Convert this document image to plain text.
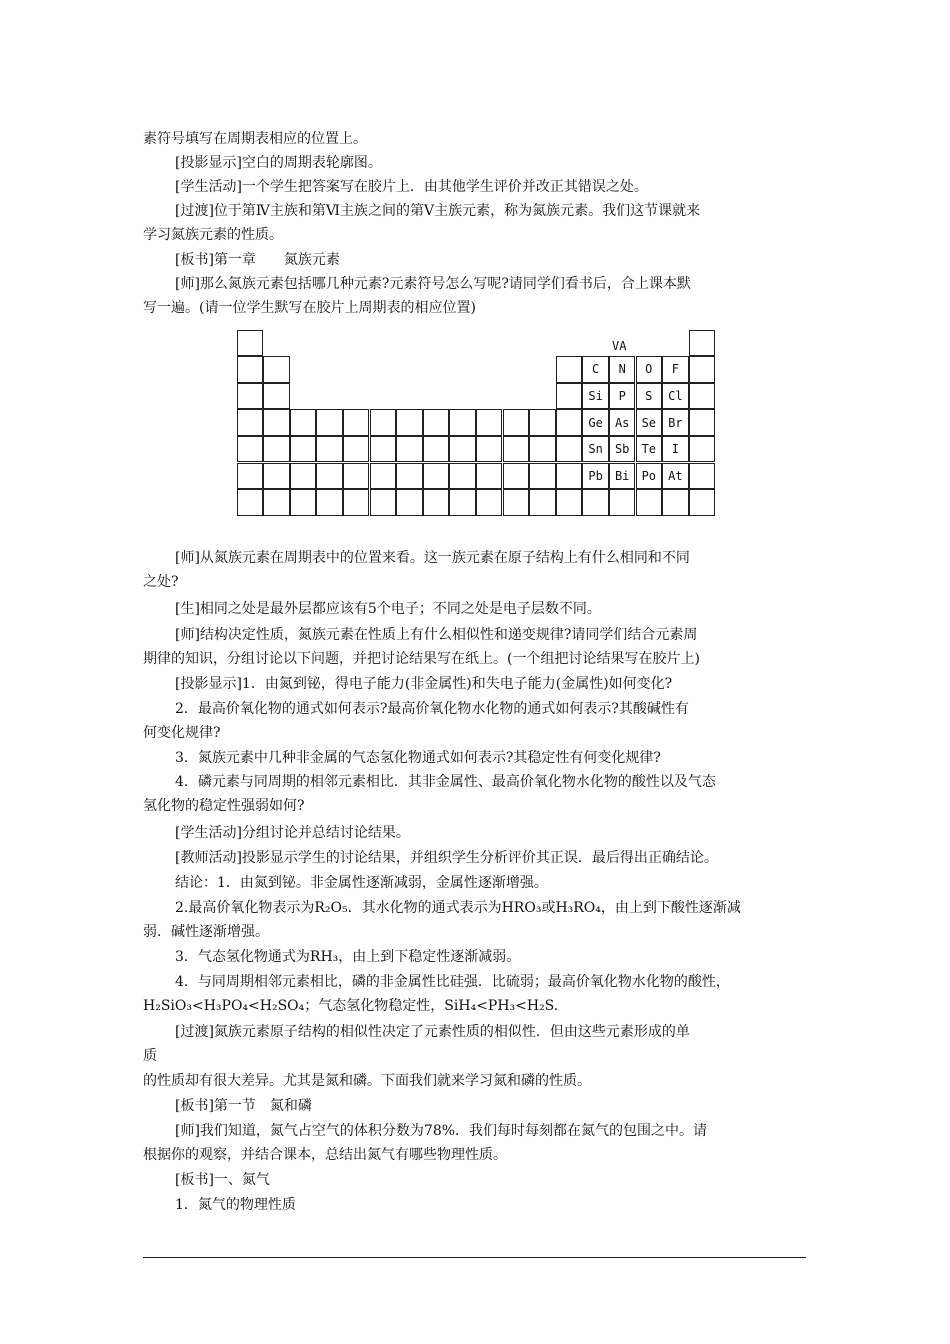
素符号填写在周期表相应的位置上。
[投影显示]空白的周期表轮廓图。
[学生活动]一个学生把答案写在胶片上．由其他学生评价并改正其错误之处。
[过渡]位于第Ⅳ主族和第Ⅵ主族之间的第Ⅴ主族元素，称为氮族元素。我们这节课就来
学习氮族元素的性质。
[板书]第一章　　氮族元素
[师]那么氮族元素包括哪几种元素?元素符号怎么写呢?请同学们看书后，合上课本默
写一遍。(请一位学生默写在胶片上周期表的相应位置)
VA
C	N	O	F
Si	P	S	Cl
Ge	As	Se	Br
Sn	Sb	Te	I
Pb	Bi	Po	At
[师]从氮族元素在周期表中的位置来看。这一族元素在原子结构上有什么相同和不同
之处?
[生]相同之处是最外层都应该有5个电子；不同之处是电子层数不同。
[师]结构决定性质，氮族元素在性质上有什么相似性和递变规律?请同学们结合元素周
期律的知识，分组讨论以下问题，并把讨论结果写在纸上。(一个组把讨论结果写在胶片上)
[投影显示]1．由氮到铋，得电子能力(非金属性)和失电子能力(金属性)如何变化?
2．最高价氧化物的通式如何表示?最高价氧化物水化物的通式如何表示?其酸碱性有
何变化规律?
3．氮族元素中几种非金属的气态氢化物通式如何表示?其稳定性有何变化规律?
4．磷元素与同周期的相邻元素相比．其非金属性、最高价氧化物水化物的酸性以及气态
氢化物的稳定性强弱如何?
[学生活动]分组讨论并总结讨论结果。
[教师活动]投影显示学生的讨论结果，并组织学生分析评价其正误．最后得出正确结论。
结论：1．由氮到铋。非金属性逐渐减弱，金属性逐渐增强。
2.最高价氧化物表示为R₂O₅．其水化物的通式表示为HRO₃或H₃RO₄，由上到下酸性逐渐减
弱．碱性逐渐增强。
3．气态氢化物通式为RH₃，由上到下稳定性逐渐减弱。
4．与同周期相邻元素相比，磷的非金属性比硅强．比硫弱；最高价氧化物水化物的酸性，
H₂SiO₃<H₃PO₄<H₂SO₄；气态氢化物稳定性，SiH₄<PH₃<H₂S.
[过渡]氮族元素原子结构的相似性决定了元素性质的相似性．但由这些元素形成的单
质
的性质却有很大差异。尤其是氮和磷。下面我们就来学习氮和磷的性质。
[板书]第一节　氮和磷
[师]我们知道，氮气占空气的体积分数为78%．我们每时每刻都在氮气的包围之中。请
根据你的观察，并结合课本，总结出氮气有哪些物理性质。
[板书]一、氮气
1．氮气的物理性质
